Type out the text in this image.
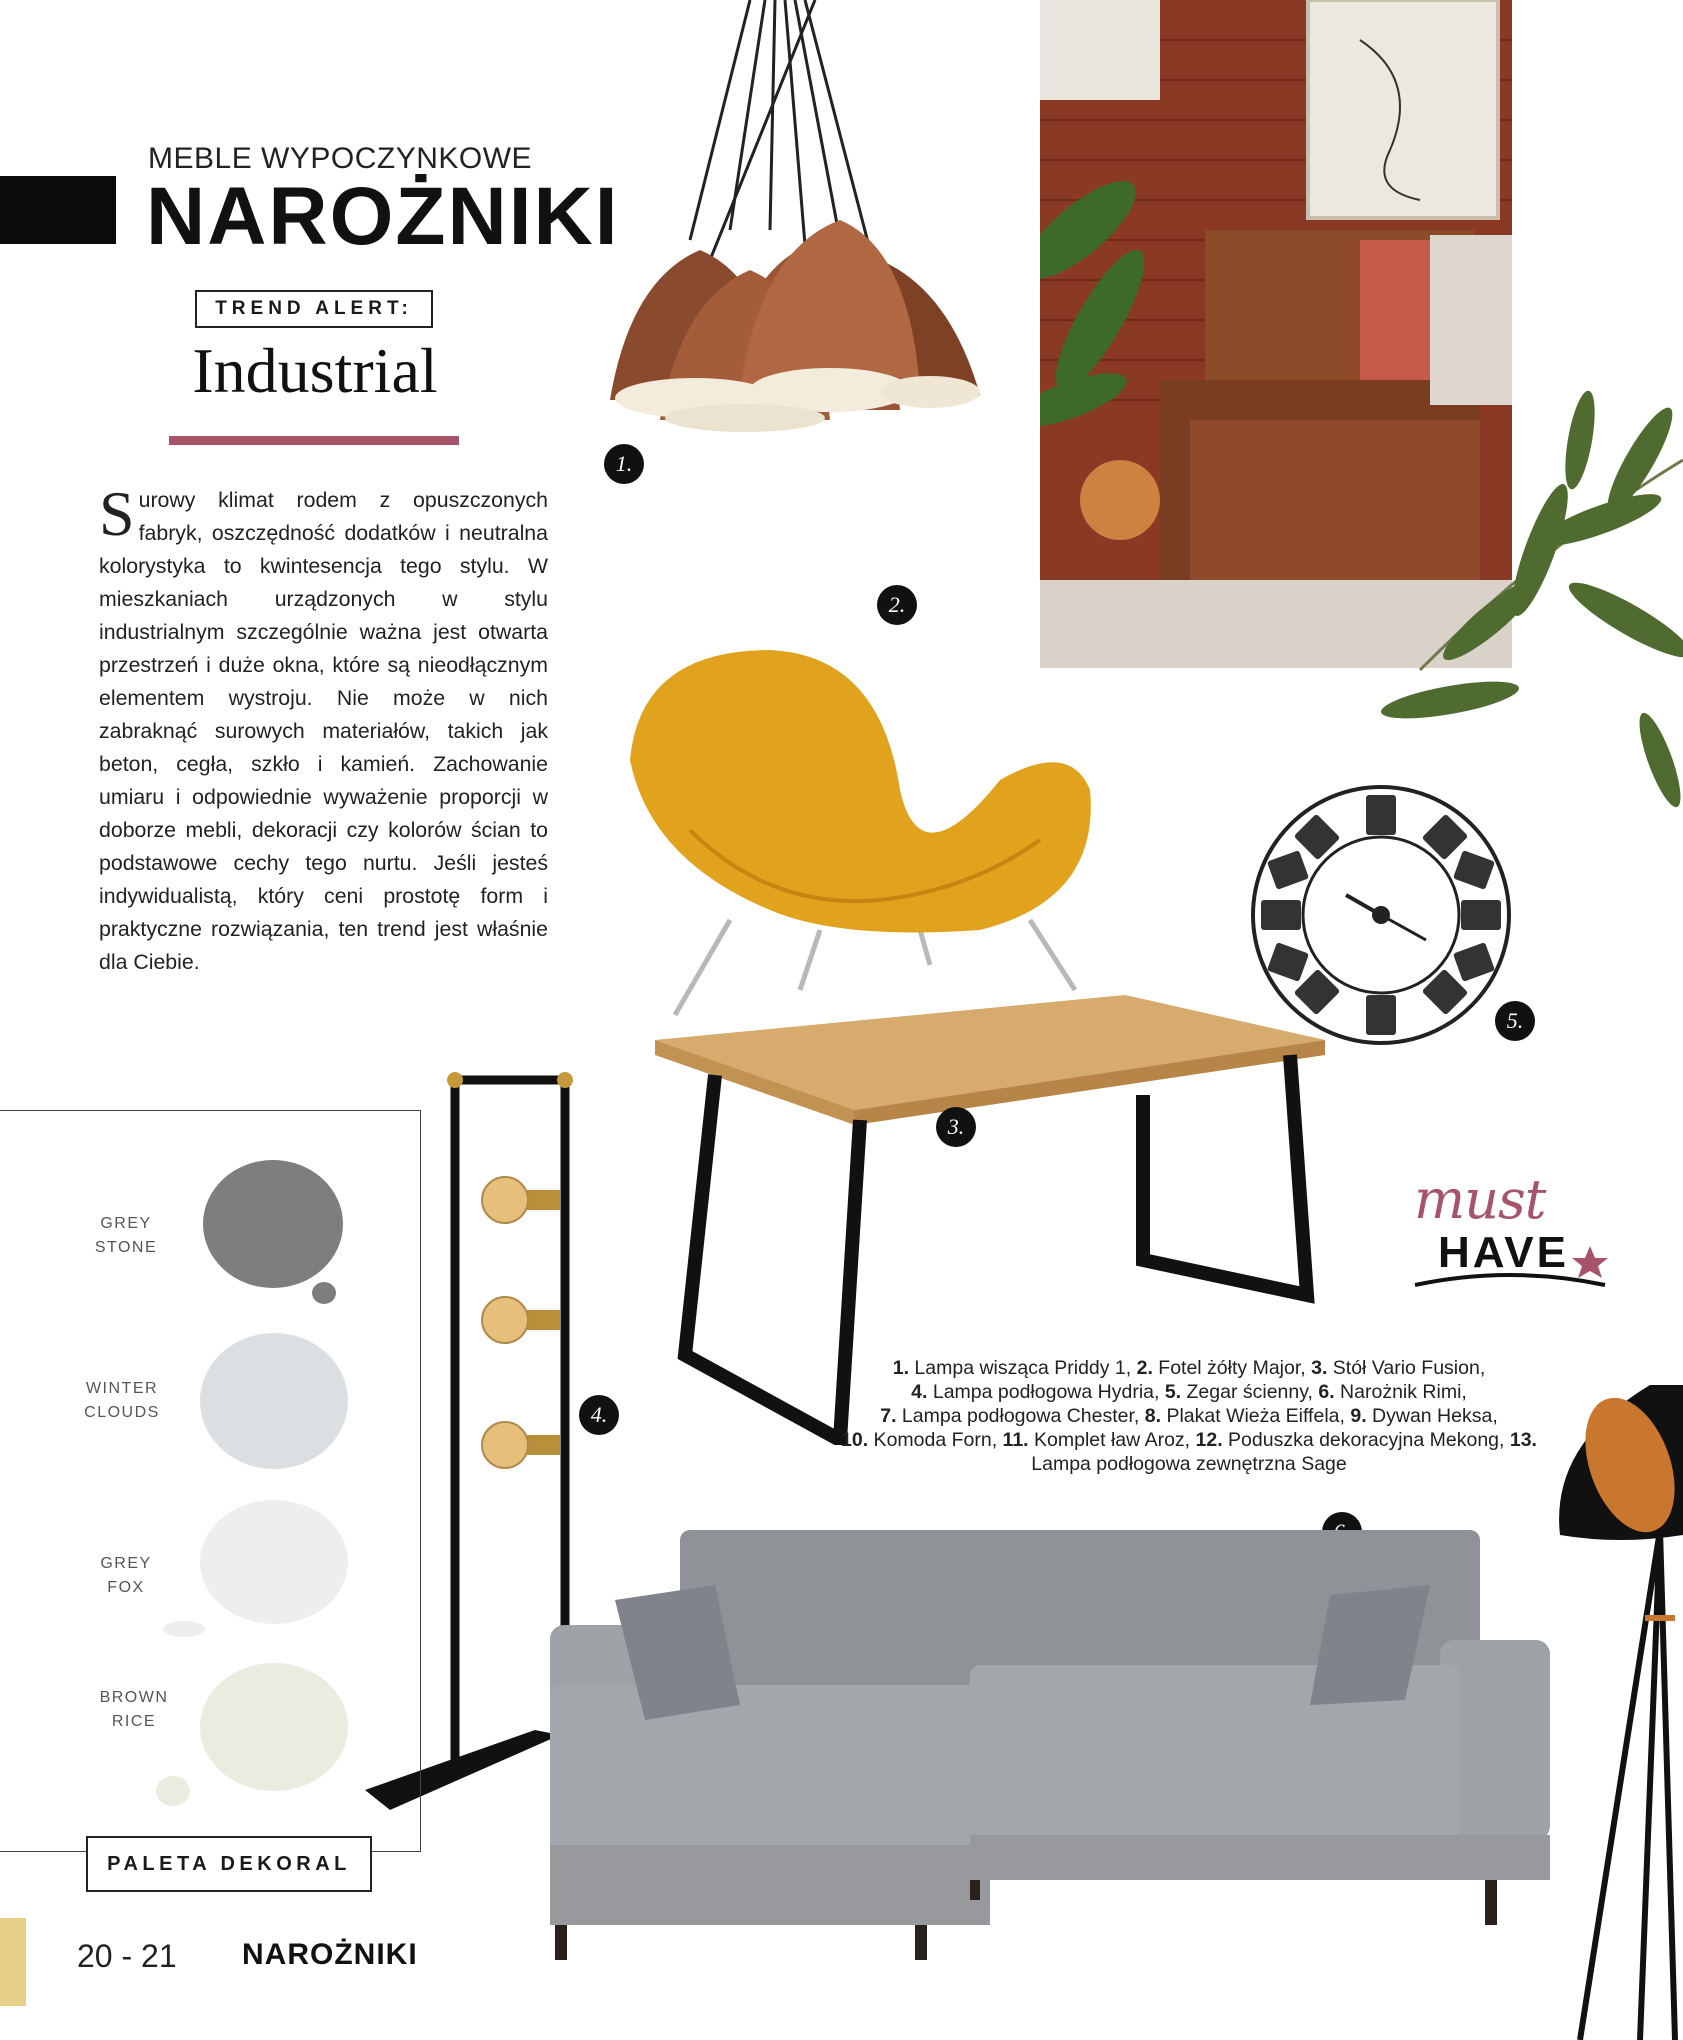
MEBLE WYPOCZYNKOWE
NAROŻNIKI
TREND ALERT:
Industrial
Surowy klimat rodem z opuszczonych fabryk, oszczędność dodatków i neutralna kolorystyka to kwintesencja tego stylu. W mieszkaniach urządzonych w stylu industrialnym szczególnie ważna jest otwarta przestrzeń i duże okna, które są nieodłącznym elementem wystroju. Nie może w nich zabraknąć surowych materiałów, takich jak beton, cegła, szkło i kamień. Zachowanie umiaru i odpowiednie wyważenie proporcji w doborze mebli, dekoracji czy kolorów ścian to podstawowe cechy tego nurtu. Jeśli jesteś indywidualistą, który ceni prostotę form i praktyczne rozwiązania, ten trend jest właśnie dla Ciebie.
1.
2.
5.
3.
must
HAVE
1. Lampa wisząca Priddy 1, 2. Fotel żółty Major, 3. Stół Vario Fusion,
4. Lampa podłogowa Hydria, 5. Zegar ścienny, 6. Narożnik Rimi,
7. Lampa podłogowa Chester, 8. Plakat Wieża Eiffela, 9. Dywan Heksa,
10. Komoda Forn, 11. Komplet ław Aroz, 12. Poduszka dekoracyjna Mekong, 13. Lampa podłogowa zewnętrzna Sage
4.
GREY
STONE
WINTER
CLOUDS
GREY
FOX
BROWN
RICE
PALETA DEKORAL
20 - 21 NAROŻNIKI
